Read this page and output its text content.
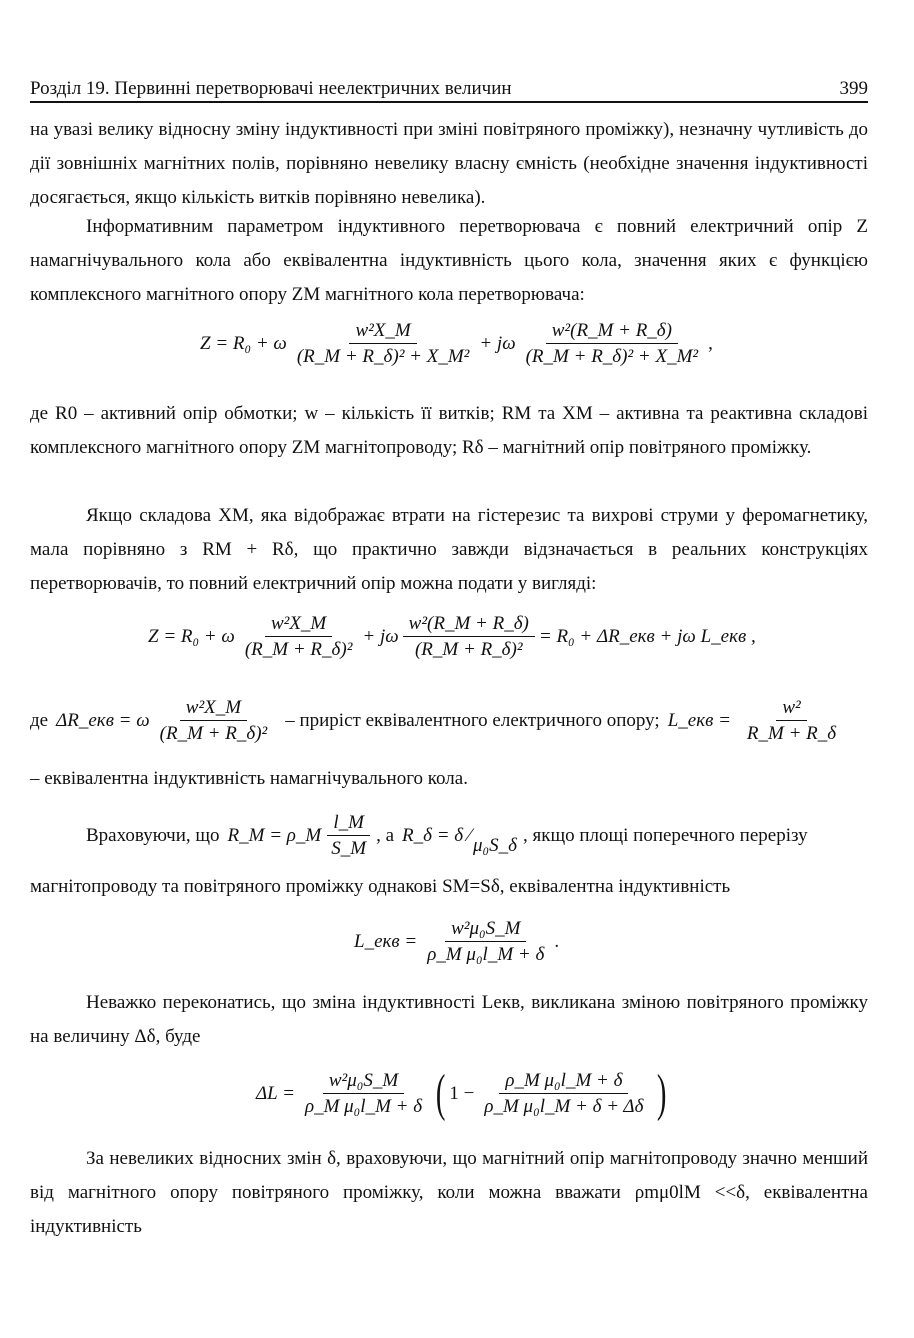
Розділ 19. Первинні перетворювачі неелектричних величин	399

на увазі велику відносну зміну індуктивності при зміні повітряного проміжку), незначну чутливість до дії зовнішніх магнітних полів, порівняно невелику власну ємність (необхідне значення індуктивності досягається, якщо кількість витків порівняно невелика).

Інформативним параметром індуктивного перетворювача є повний електричний опір Z намагнічувального кола або еквівалентна індуктивність цього кола, значення яких є функцією комплексного магнітного опору ZM магнітного кола перетворювача:

Z = R₀ + ω $\frac{\text{w²X\_M}}{\text{(R\_M + R\_δ)² + X\_M²}} + j\omega \frac{\text{w²(R\_M + R\_δ)}}{\text{(R\_M + R\_δ)² + X\_M²}}$ ,

де R0 – активний опір обмотки; w – кількість її витків; RM та XM – активна та реактивна складові комплексного магнітного опору ZM магнітопроводу; Rδ – магнітний опір повітряного проміжку.

Якщо складова XM, яка відображає втрати на гістерезис та вихрові струми у феромагнетику, мала порівняно з RM + Rδ, що практично завжди відзначається в реальних конструкціях перетворювачів, то повний електричний опір можна подати у вигляді:

Z = R₀ + ω $\frac{\text{w²X\_M}}{\text{(R\_M + R\_δ)²}} + j\omega \frac{\text{w²(R\_M + R\_δ)}}{\text{(R\_M + R\_δ)²}} = R_0$ + ΔR_екв + jω L_екв ,
де ΔR_екв = ω $\frac{\text{w²X\_M}}{\text{(R\_M + R\_δ)²}}$ – приріст еквівалентного електричного опору; L_екв = $\frac{\text{w²}}{R\_M + R\_\delta}$

– еквівалентна індуктивність намагнічувального кола.

Враховуючи, що R_M = ρ_M $\frac{l\_M}{S\_M}$ , а R_δ = δ ⁄ μ₀S_δ , якщо площі поперечного перерізу

магнітопроводу та повітряного проміжку однакові SM=Sδ, еквівалентна індуктивність

L_екв = $\frac{\text{w²μ₀S\_M}}{\text{ρ\_M μ₀l\_M + δ}}$ .

Неважко переконатись, що зміна індуктивності Lекв, викликана зміною повітряного проміжку на величину Δδ, буде

$\Delta L = \frac{\text{w²μ₀S\_M}}{\text{ρ\_M μ₀l\_M + δ}}$ ( $1 - \frac{\text{ρ\_M μ₀l\_M + δ}}{\text{ρ\_M μ₀l\_M + δ + Δδ}}$ )

За невеликих відносних змін δ, враховуючи, що магнітний опір магнітопроводу значно менший від магнітного опору повітряного проміжку, коли можна вважати ρmμ0lM <<δ, еквівалентна індуктивність
